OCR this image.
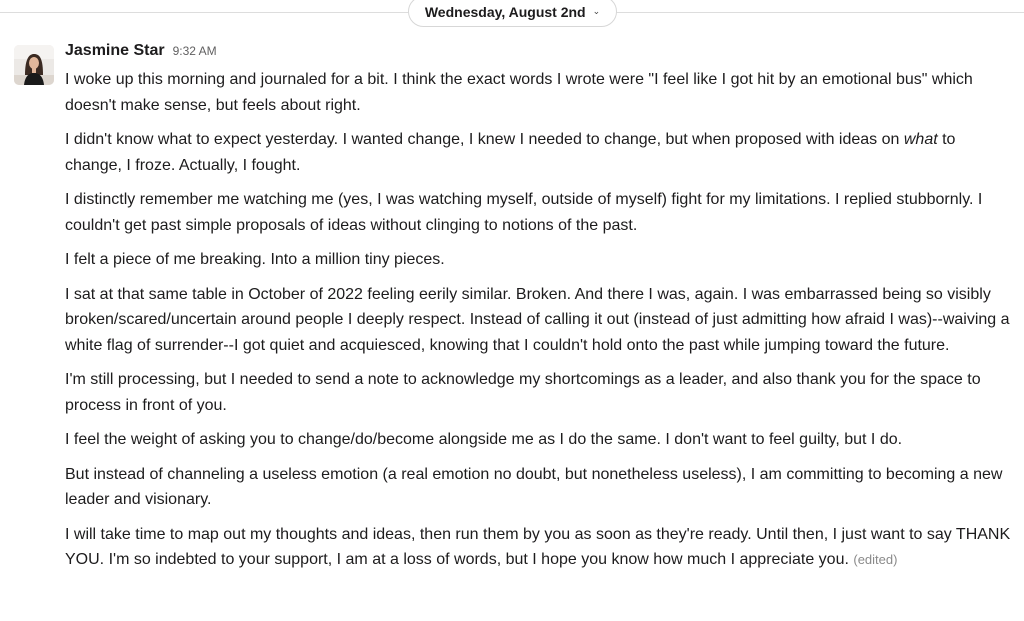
Wednesday, August 2nd ⌄
Jasmine Star 9:32 AM

I woke up this morning and journaled for a bit. I think the exact words I wrote were "I feel like I got hit by an emotional bus" which doesn't make sense, but feels about right.

I didn't know what to expect yesterday. I wanted change, I knew I needed to change, but when proposed with ideas on what to change, I froze. Actually, I fought.

I distinctly remember me watching me (yes, I was watching myself, outside of myself) fight for my limitations. I replied stubbornly. I couldn't get past simple proposals of ideas without clinging to notions of the past.

I felt a piece of me breaking. Into a million tiny pieces.

I sat at that same table in October of 2022 feeling eerily similar. Broken. And there I was, again. I was embarrassed being so visibly broken/scared/uncertain around people I deeply respect. Instead of calling it out (instead of just admitting how afraid I was)--waiving a white flag of surrender--I got quiet and acquiesced, knowing that I couldn't hold onto the past while jumping toward the future.

I'm still processing, but I needed to send a note to acknowledge my shortcomings as a leader, and also thank you for the space to process in front of you.

I feel the weight of asking you to change/do/become alongside me as I do the same. I don't want to feel guilty, but I do.

But instead of channeling a useless emotion (a real emotion no doubt, but nonetheless useless), I am committing to becoming a new leader and visionary.

I will take time to map out my thoughts and ideas, then run them by you as soon as they're ready. Until then, I just want to say THANK YOU. I'm so indebted to your support, I am at a loss of words, but I hope you know how much I appreciate you. (edited)
